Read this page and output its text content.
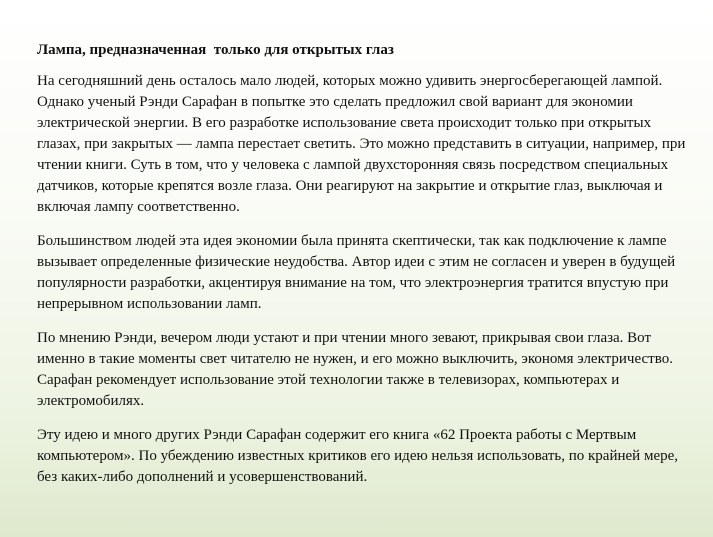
Лампа, предназначенная  только для открытых глаз

На сегодняшний день осталось мало людей, которых можно удивить энергосберегающей лампой. Однако ученый Рэнди Сарафан в попытке это сделать предложил свой вариант для экономии электрической энергии. В его разработке использование света происходит только при открытых глазах, при закрытых — лампа перестает светить. Это можно представить в ситуации, например, при чтении книги. Суть в том, что у человека с лампой двухсторонняя связь посредством специальных датчиков, которые крепятся возле глаза. Они реагируют на закрытие и открытие глаз, выключая и включая лампу соответственно.

Большинством людей эта идея экономии была принята скептически, так как подключение к лампе вызывает определенные физические неудобства. Автор идеи с этим не согласен и уверен в будущей популярности разработки, акцентируя внимание на том, что электроэнергия тратится впустую при непрерывном использовании ламп.

По мнению Рэнди, вечером люди устают и при чтении много зевают, прикрывая свои глаза. Вот именно в такие моменты свет читателю не нужен, и его можно выключить, экономя электричество. Сарафан рекомендует использование этой технологии также в телевизорах, компьютерах и электромобилях.

Эту идею и много других Рэнди Сарафан содержит его книга «62 Проекта работы с Мертвым компьютером». По убеждению известных критиков его идею нельзя использовать, по крайней мере, без каких-либо дополнений и усовершенствований.
